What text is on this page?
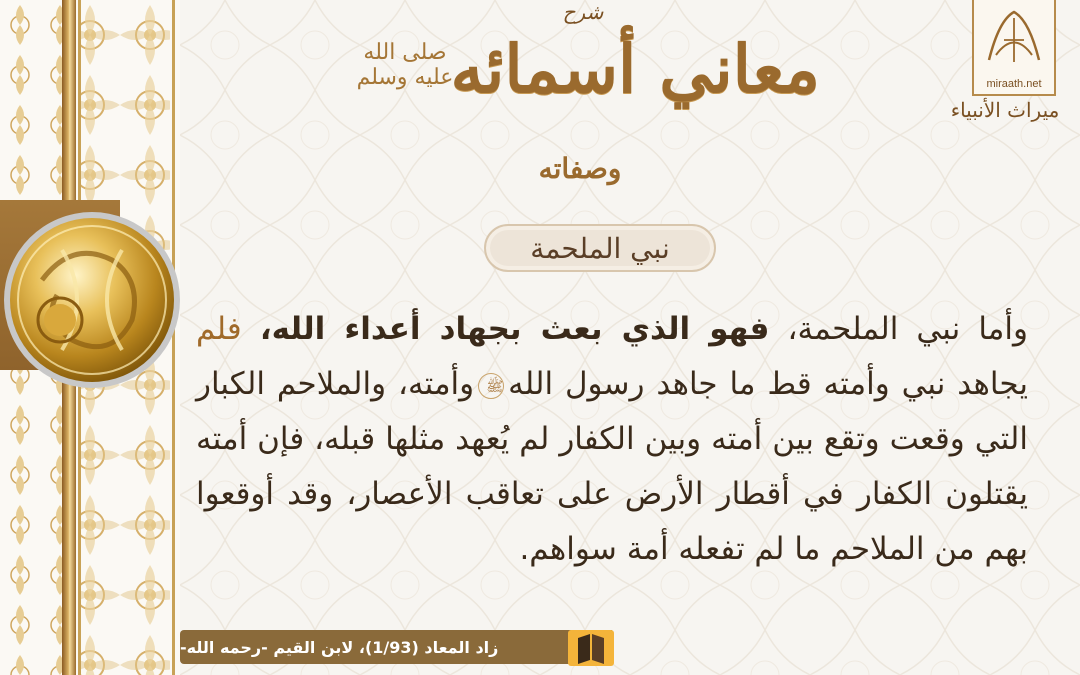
شرح
معاني أسمائه
صلى الله
عليه وسلم
وصفاته
miraath.net
ميراث الأنبياء
نبي الملحمة
وأما نبي الملحمة، فهو الذي بعث بجهاد أعداء الله، فلم يجاهد نبي وأمته قط ما جاهد رسول اللهﷺوأمته، والملاحم الكبار التي وقعت وتقع بين أمته وبين الكفار لم يُعهد مثلها قبله، فإن أمته يقتلون الكفار في أقطار الأرض على تعاقب الأعصار، وقد أوقعوا بهم من الملاحم ما لم تفعله أمة سواهم.
زاد المعاد (1/93)، لابن القيم -رحمه الله-
